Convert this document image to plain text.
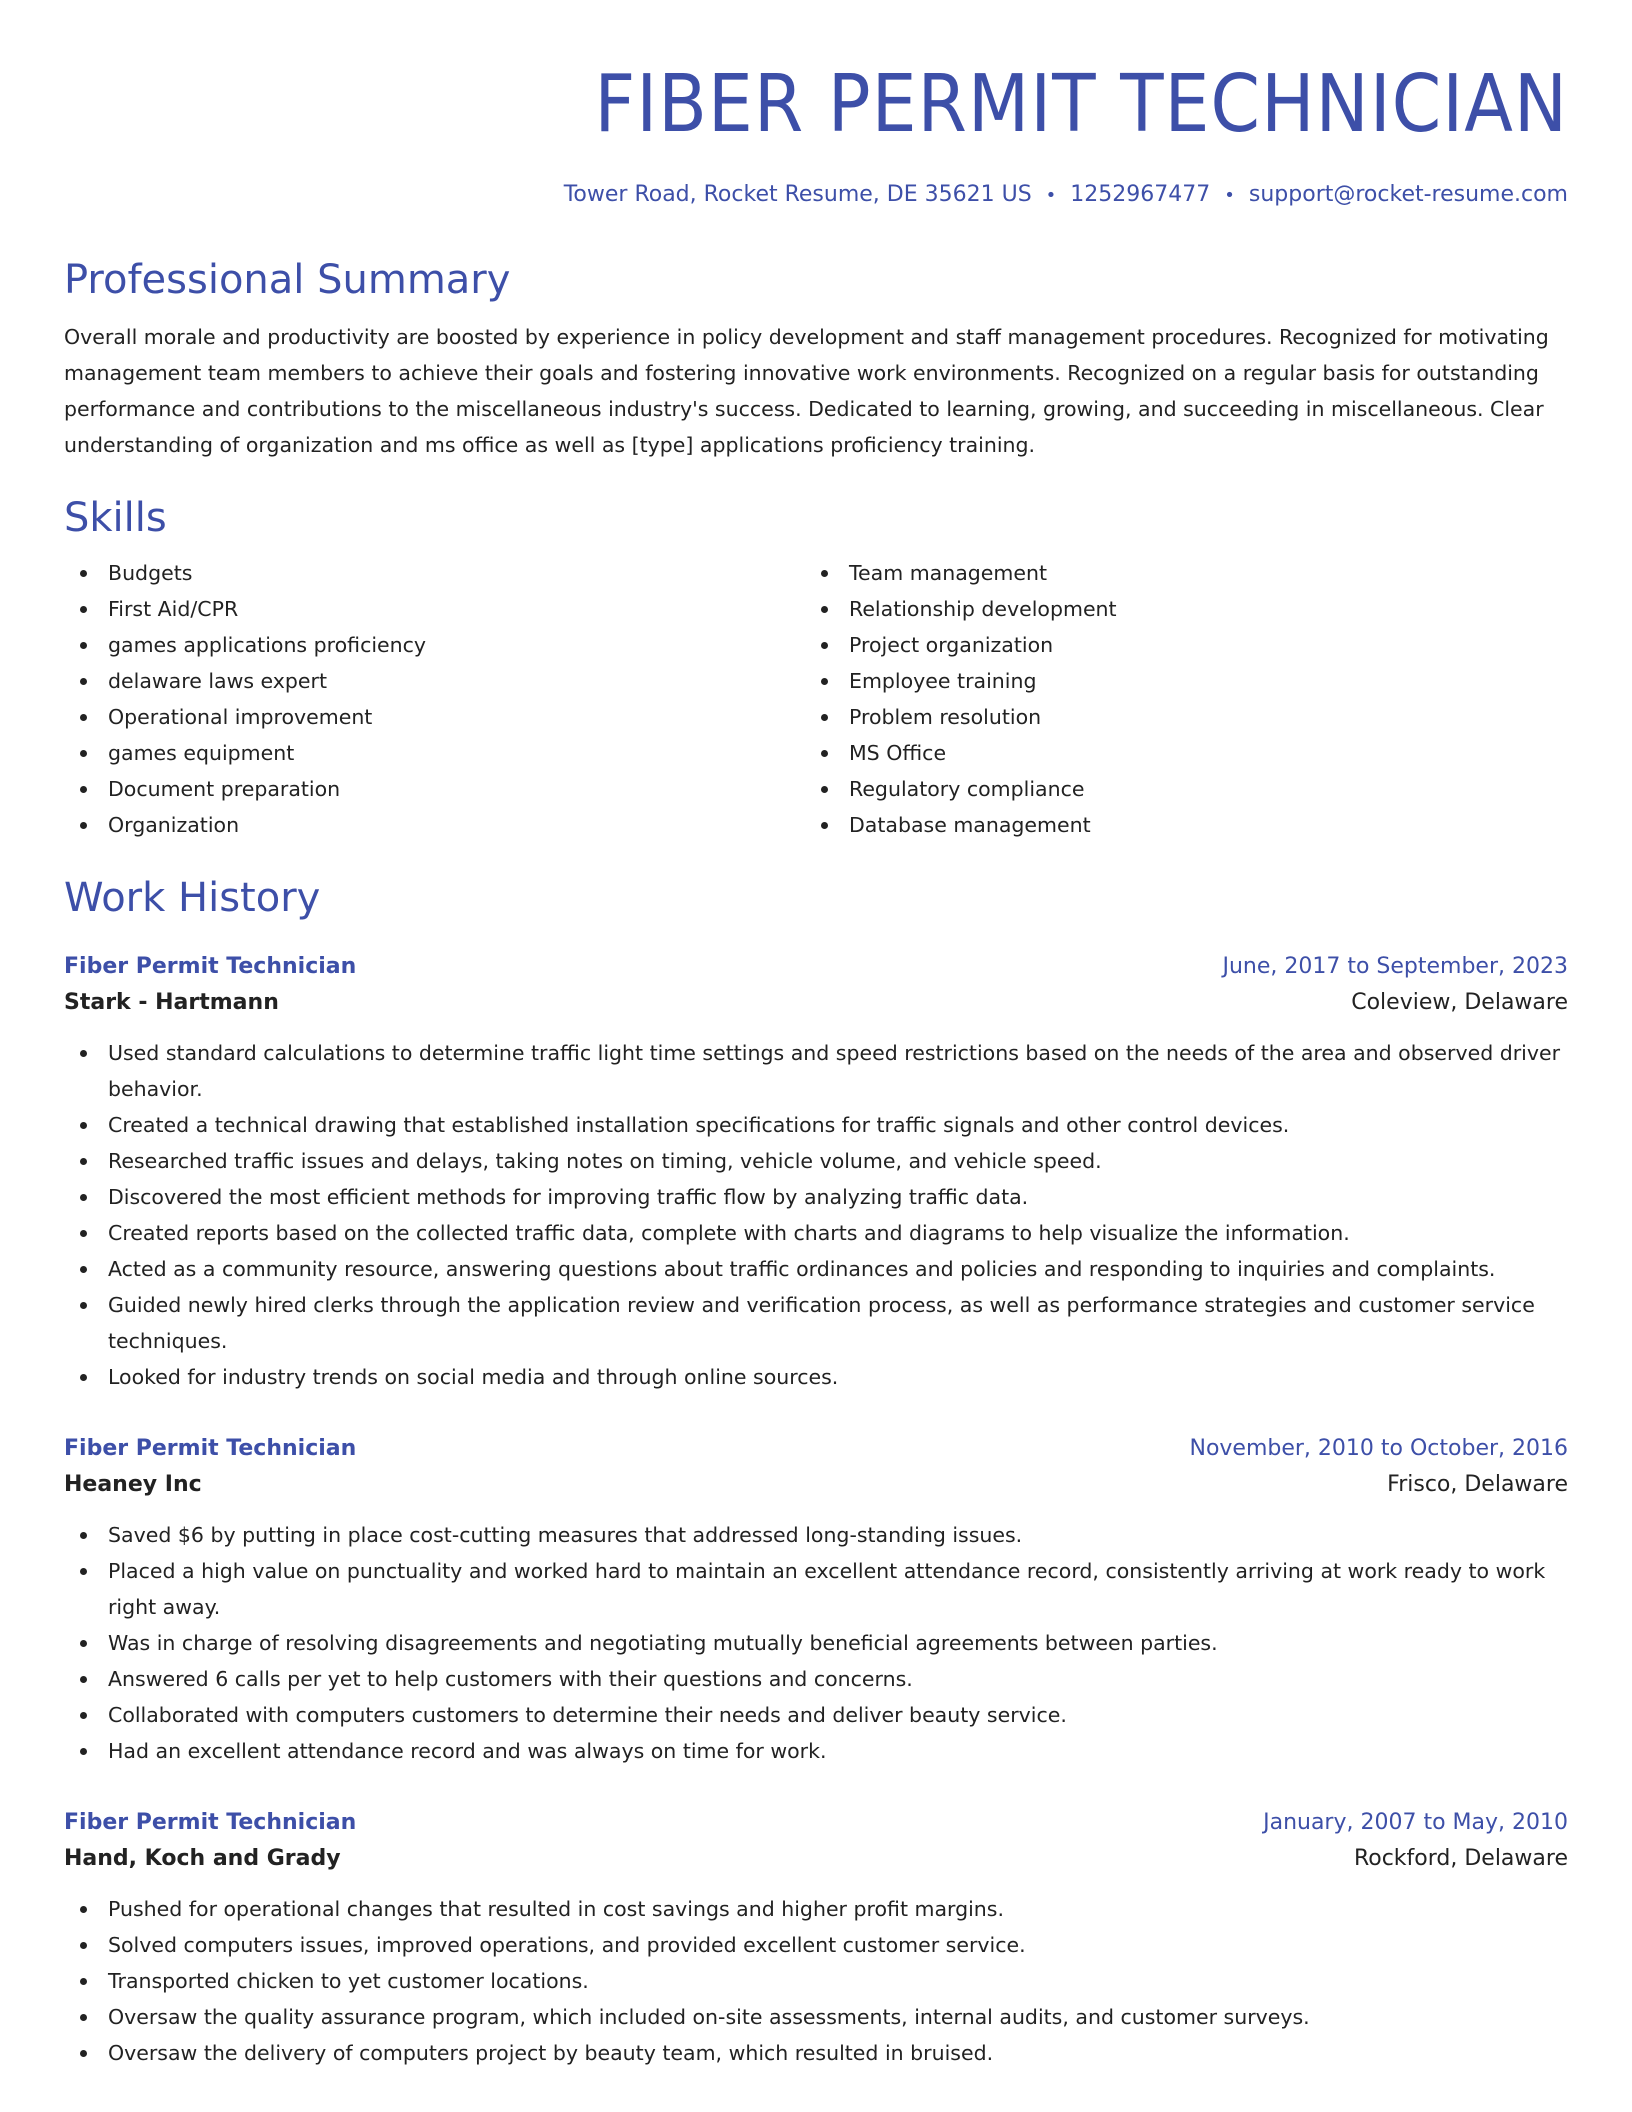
FIBER PERMIT TECHNICIAN
Tower Road, Rocket Resume, DE 35621 US • 1252967477 • support@rocket-resume.com
Professional Summary
Overall morale and productivity are boosted by experience in policy development and staff management procedures. Recognized for motivating management team members to achieve their goals and fostering innovative work environments. Recognized on a regular basis for outstanding performance and contributions to the miscellaneous industry's success. Dedicated to learning, growing, and succeeding in miscellaneous. Clear understanding of organization and ms office as well as [type] applications proficiency training.
Skills
Budgets
First Aid/CPR
games applications proficiency
delaware laws expert
Operational improvement
games equipment
Document preparation
Organization
Team management
Relationship development
Project organization
Employee training
Problem resolution
MS Office
Regulatory compliance
Database management
Work History
Fiber Permit Technician	June, 2017 to September, 2023
Stark - Hartmann	Coleview, Delaware
Used standard calculations to determine traffic light time settings and speed restrictions based on the needs of the area and observed driver behavior.
Created a technical drawing that established installation specifications for traffic signals and other control devices.
Researched traffic issues and delays, taking notes on timing, vehicle volume, and vehicle speed.
Discovered the most efficient methods for improving traffic flow by analyzing traffic data.
Created reports based on the collected traffic data, complete with charts and diagrams to help visualize the information.
Acted as a community resource, answering questions about traffic ordinances and policies and responding to inquiries and complaints.
Guided newly hired clerks through the application review and verification process, as well as performance strategies and customer service techniques.
Looked for industry trends on social media and through online sources.
Fiber Permit Technician	November, 2010 to October, 2016
Heaney Inc	Frisco, Delaware
Saved $6 by putting in place cost-cutting measures that addressed long-standing issues.
Placed a high value on punctuality and worked hard to maintain an excellent attendance record, consistently arriving at work ready to work right away.
Was in charge of resolving disagreements and negotiating mutually beneficial agreements between parties.
Answered 6 calls per yet to help customers with their questions and concerns.
Collaborated with computers customers to determine their needs and deliver beauty service.
Had an excellent attendance record and was always on time for work.
Fiber Permit Technician	January, 2007 to May, 2010
Hand, Koch and Grady	Rockford, Delaware
Pushed for operational changes that resulted in cost savings and higher profit margins.
Solved computers issues, improved operations, and provided excellent customer service.
Transported chicken to yet customer locations.
Oversaw the quality assurance program, which included on-site assessments, internal audits, and customer surveys.
Oversaw the delivery of computers project by beauty team, which resulted in bruised.
